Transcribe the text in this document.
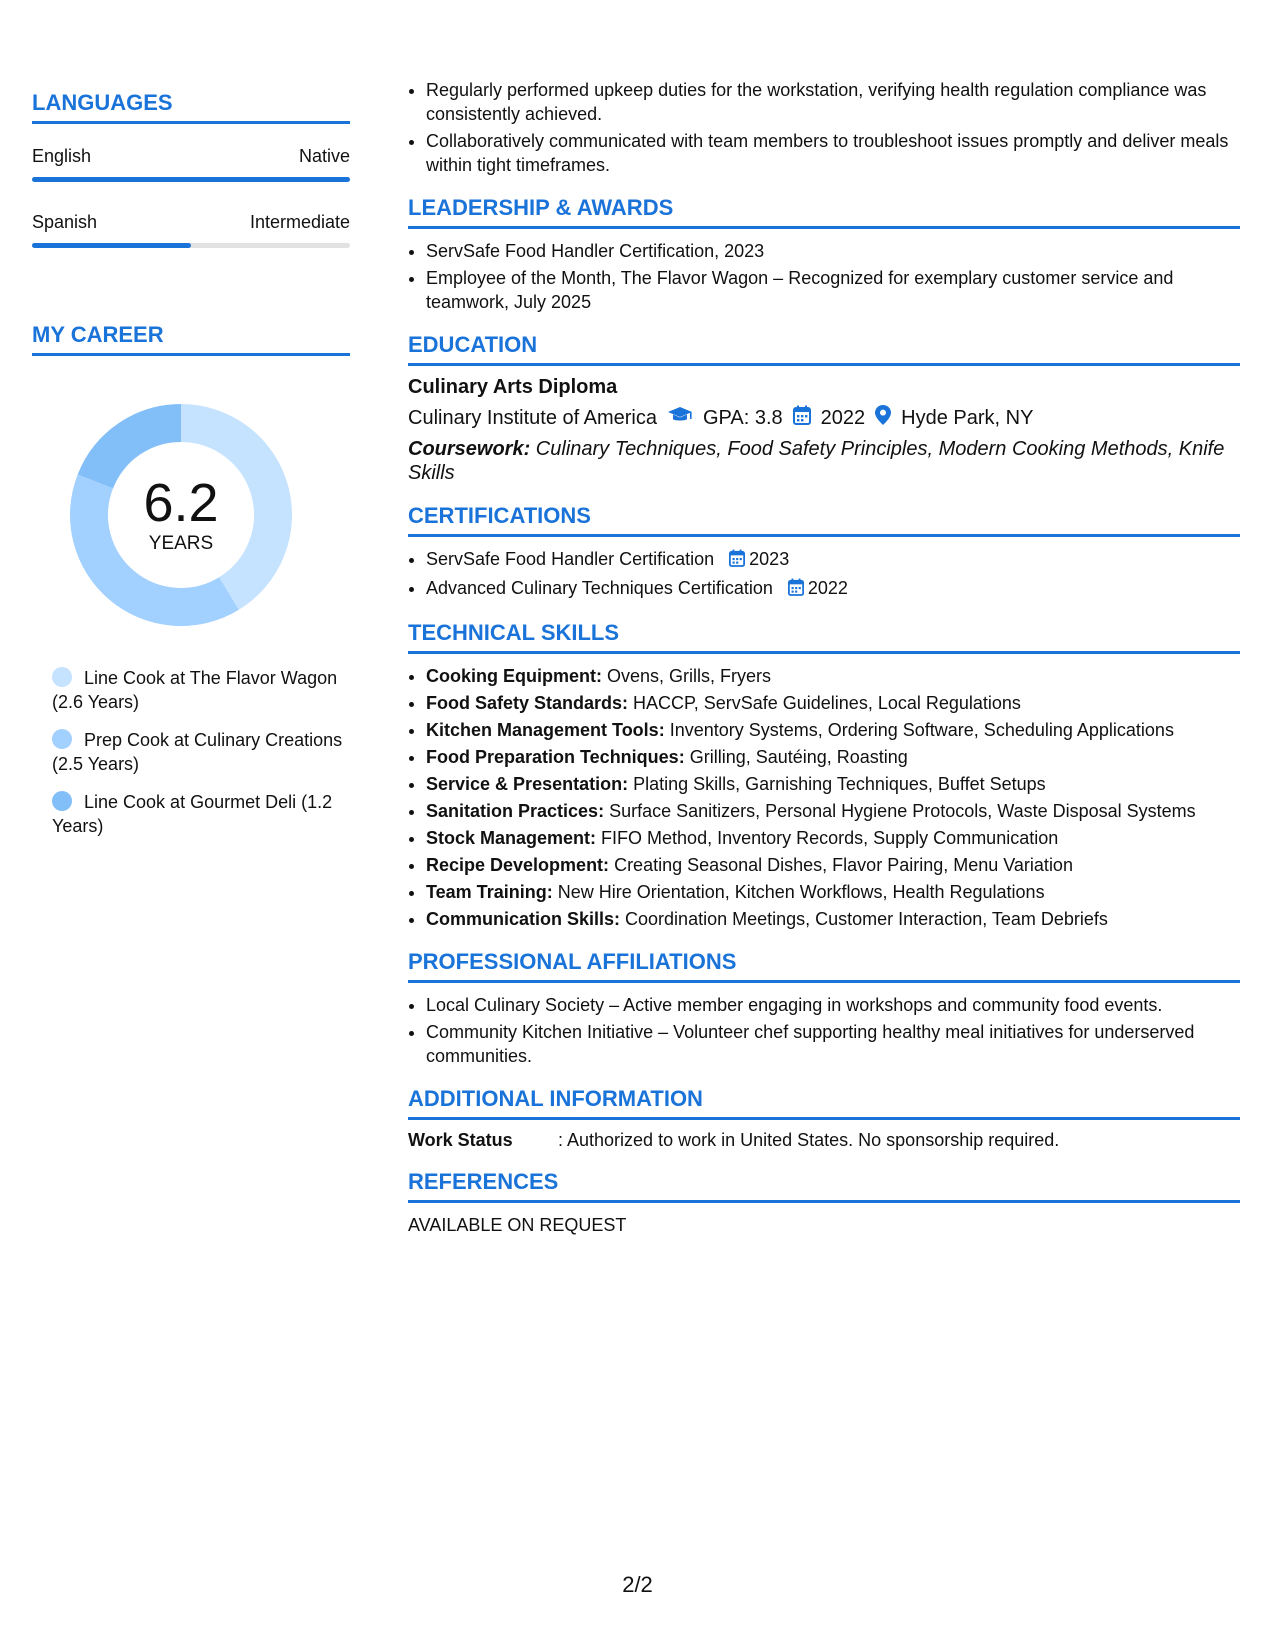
LANGUAGES
English	Native
Spanish	Intermediate
MY CAREER
6.2
YEARS
Line Cook at The Flavor Wagon (2.6 Years)
Prep Cook at Culinary Creations (2.5 Years)
Line Cook at Gourmet Deli (1.2 Years)
• Regularly performed upkeep duties for the workstation, verifying health regulation compliance was consistently achieved.
• Collaboratively communicated with team members to troubleshoot issues promptly and deliver meals within tight timeframes.
LEADERSHIP & AWARDS
• ServSafe Food Handler Certification, 2023
• Employee of the Month, The Flavor Wagon – Recognized for exemplary customer service and teamwork, July 2025
EDUCATION
Culinary Arts Diploma
Culinary Institute of America GPA: 3.8 2022 Hyde Park, NY
Coursework: Culinary Techniques, Food Safety Principles, Modern Cooking Methods, Knife Skills
CERTIFICATIONS
• ServSafe Food Handler Certification 2023
• Advanced Culinary Techniques Certification 2022
TECHNICAL SKILLS
• Cooking Equipment: Ovens, Grills, Fryers
• Food Safety Standards: HACCP, ServSafe Guidelines, Local Regulations
• Kitchen Management Tools: Inventory Systems, Ordering Software, Scheduling Applications
• Food Preparation Techniques: Grilling, Sautéing, Roasting
• Service & Presentation: Plating Skills, Garnishing Techniques, Buffet Setups
• Sanitation Practices: Surface Sanitizers, Personal Hygiene Protocols, Waste Disposal Systems
• Stock Management: FIFO Method, Inventory Records, Supply Communication
• Recipe Development: Creating Seasonal Dishes, Flavor Pairing, Menu Variation
• Team Training: New Hire Orientation, Kitchen Workflows, Health Regulations
• Communication Skills: Coordination Meetings, Customer Interaction, Team Debriefs
PROFESSIONAL AFFILIATIONS
• Local Culinary Society – Active member engaging in workshops and community food events.
• Community Kitchen Initiative – Volunteer chef supporting healthy meal initiatives for underserved communities.
ADDITIONAL INFORMATION
Work Status	: Authorized to work in United States. No sponsorship required.
REFERENCES
AVAILABLE ON REQUEST
2/2
